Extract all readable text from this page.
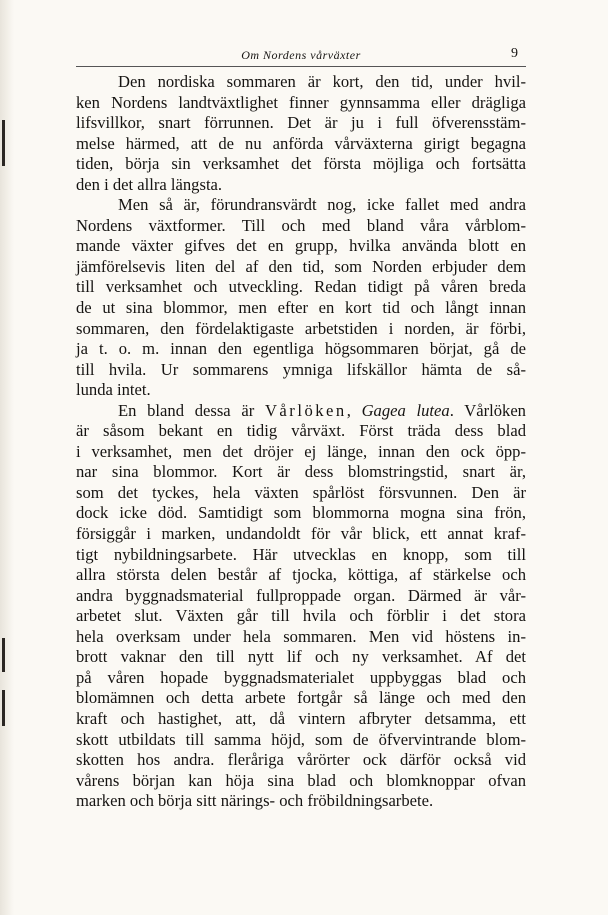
Om Nordens vårväxter	9
Den nordiska sommaren är kort, den tid, under hvil-
ken Nordens landtväxtlighet finner gynnsamma eller drägliga
lifsvillkor, snart förrunnen. Det är ju i full öfverensstäm-
melse härmed, att de nu anförda vårväxterna girigt begagna
tiden, börja sin verksamhet det första möjliga och fortsätta
den i det allra längsta.
Men så är, förundransvärdt nog, icke fallet med andra
Nordens växtformer. Till och med bland våra vårblom-
mande växter gifves det en grupp, hvilka använda blott en
jämförelsevis liten del af den tid, som Norden erbjuder dem
till verksamhet och utveckling. Redan tidigt på våren breda
de ut sina blommor, men efter en kort tid och långt innan
sommaren, den fördelaktigaste arbetstiden i norden, är förbi,
ja t. o. m. innan den egentliga högsommaren börjat, gå de
till hvila. Ur sommarens ymniga lifskällor hämta de så-
lunda intet.
En bland dessa är Vårlöken, Gagea lutea. Vårlöken
är såsom bekant en tidig vårväxt. Först träda dess blad
i verksamhet, men det dröjer ej länge, innan den ock öpp-
nar sina blommor. Kort är dess blomstringstid, snart är,
som det tyckes, hela växten spårlöst försvunnen. Den är
dock icke död. Samtidigt som blommorna mogna sina frön,
försiggår i marken, undandoldt för vår blick, ett annat kraf-
tigt nybildningsarbete. Här utvecklas en knopp, som till
allra största delen består af tjocka, köttiga, af stärkelse och
andra byggnadsmaterial fullproppade organ. Därmed är vår-
arbetet slut. Växten går till hvila och förblir i det stora
hela overksam under hela sommaren. Men vid höstens in-
brott vaknar den till nytt lif och ny verksamhet. Af det
på våren hopade byggnadsmaterialet uppbyggas blad och
blomämnen och detta arbete fortgår så länge och med den
kraft och hastighet, att, då vintern afbryter detsamma, ett
skott utbildats till samma höjd, som de öfvervintrande blom-
skotten hos andra. fleråriga vårörter ock därför också vid
vårens början kan höja sina blad och blomknoppar ofvan
marken och börja sitt närings- och fröbildningsarbete.
